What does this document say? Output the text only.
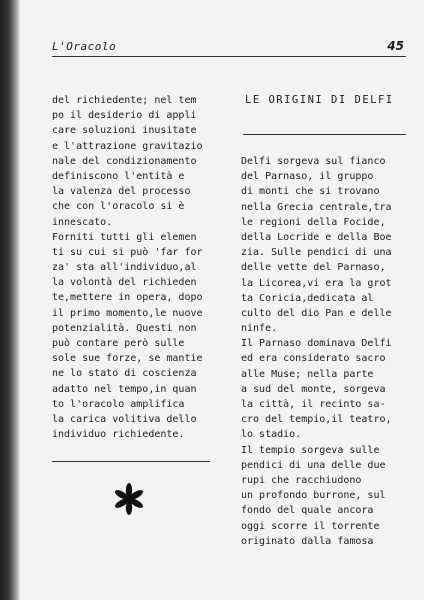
L'Oracolo	45
del richiedente; nel tem
po il desiderio di appli
care soluzioni inusitate
e l'attrazione gravitazio
nale del condizionamento
definiscono l'entità e
la valenza del processo
che con l'oracolo si è
innescato.
Forniti tutti gli elemen
ti su cui si può 'far for
za' sta all'individuo,al
la volontà del richieden
te,mettere in opera, dopo
il primo momento,le nuove
potenzialità. Questi non
può contare però sulle
sole sue forze, se mantie
ne lo stato di coscienza
adatto nel tempo,in quan
to l'oracolo amplifica
la carica volitiva dello
individuo richiedente.
LE ORIGINI DI DELFI
Delfi sorgeva sul fianco
del Parnaso, il gruppo
di monti che si trovano
nella Grecia centrale,tra
le regioni della Focide,
della Locride e della Boe
zia. Sulle pendici di una
delle vette del Parnaso,
la Licorea,vi era la grot
ta Coricia,dedicata al
culto del dio Pan e delle
ninfe.
Il Parnaso dominava Delfi
ed era considerato sacro
alle Muse; nella parte
a sud del monte, sorgeva
la città, il recinto sa-
cro del tempio,il teatro,
lo stadio.
Il tempio sorgeva sulle
pendici di una delle due
rupi che racchiudono
un profondo burrone, sul
fondo del quale ancora
oggi scorre il torrente
originato dalla famosa
